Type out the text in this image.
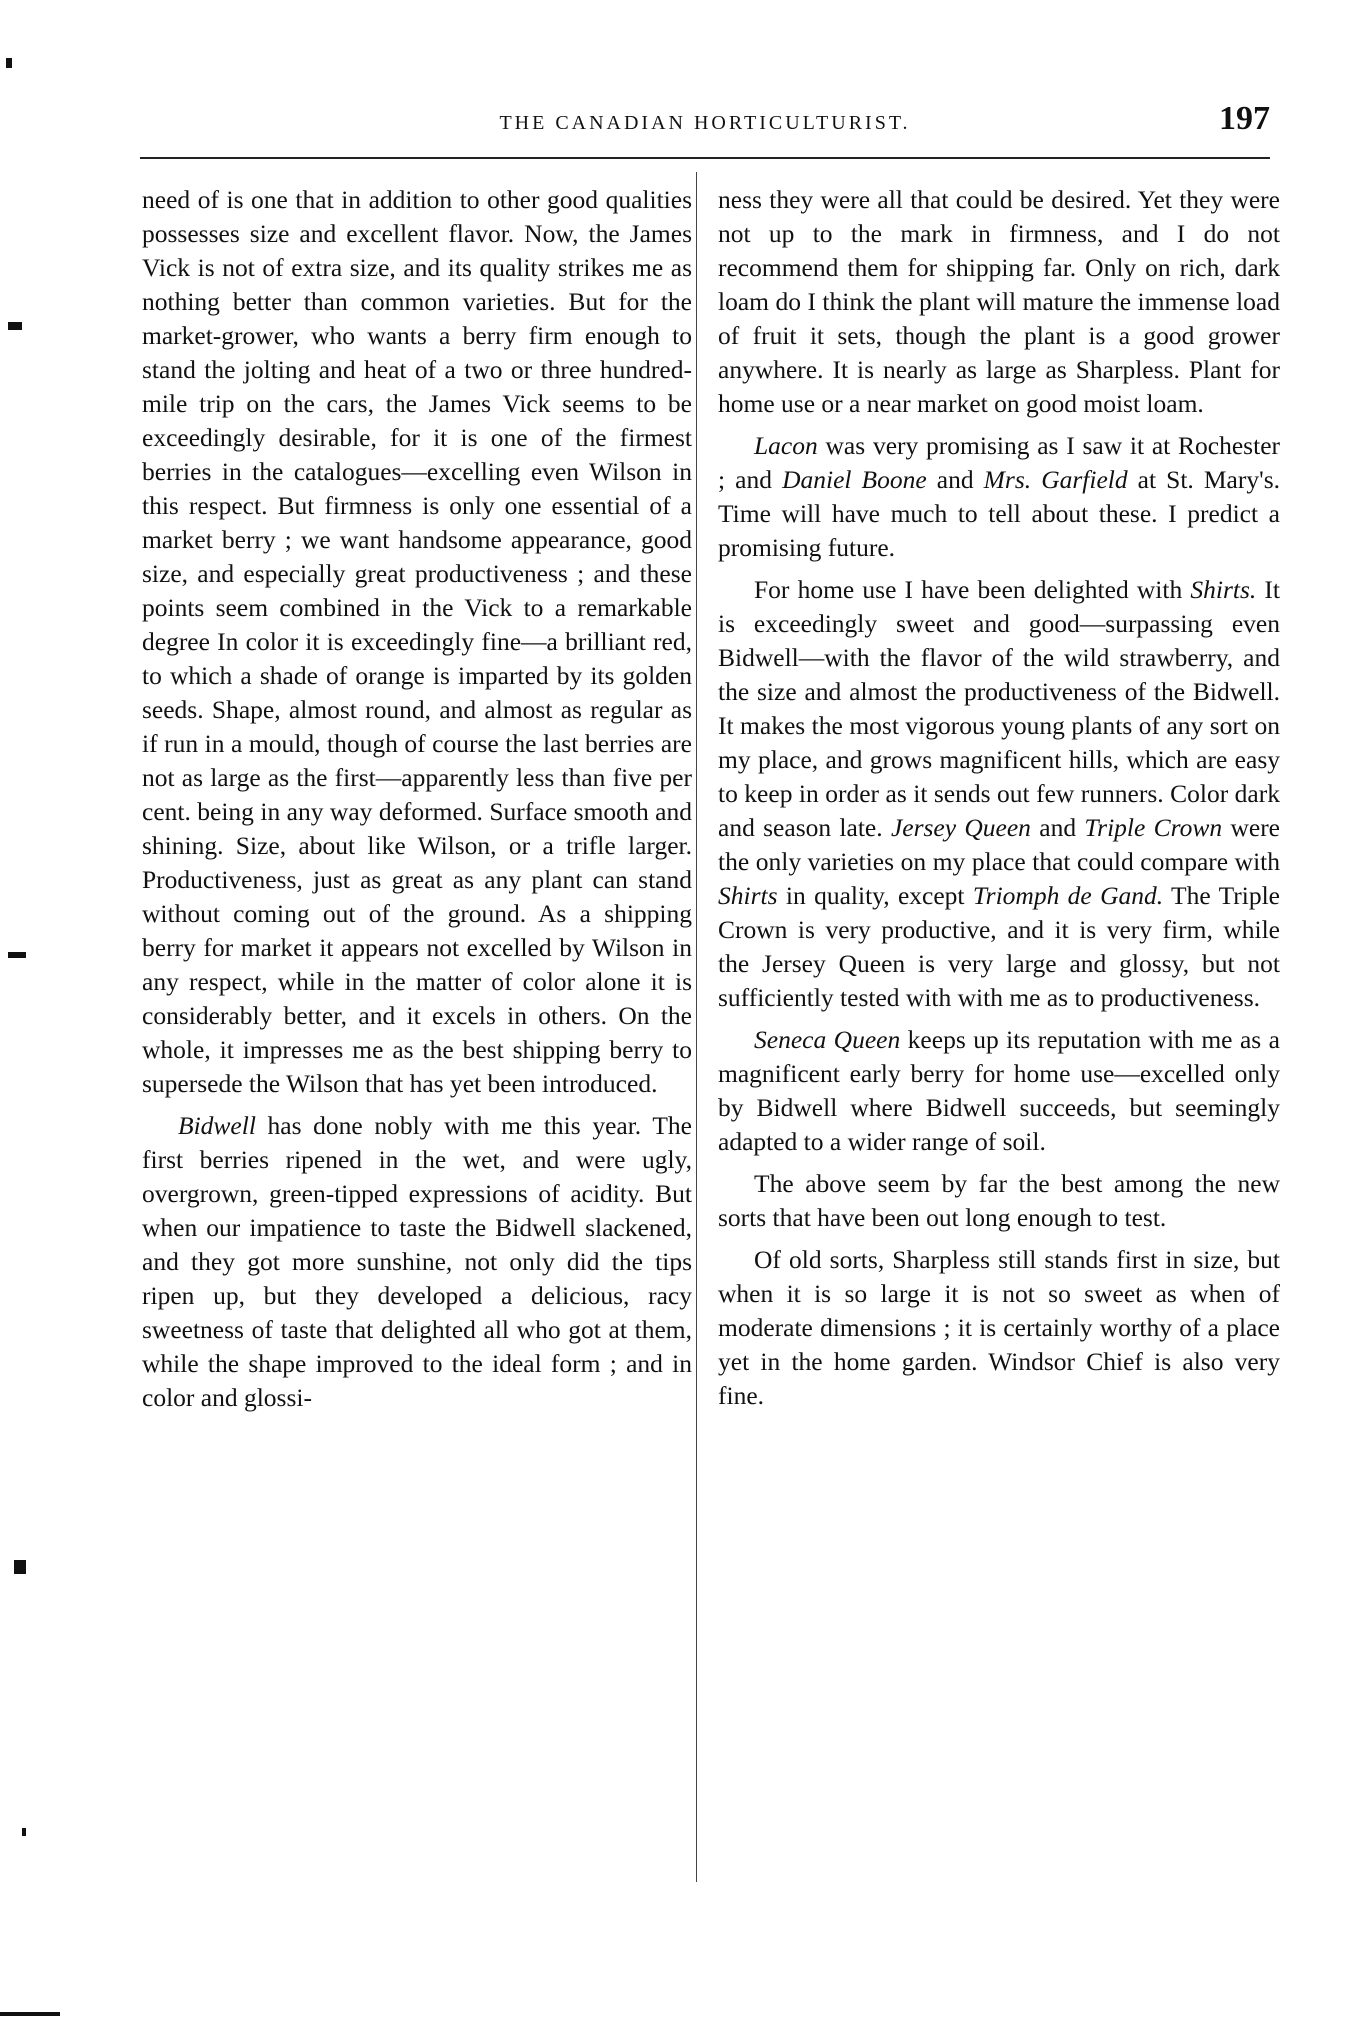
THE CANADIAN HORTICULTURIST.	197

need of is one that in addition to other good qualities possesses size and excellent flavor. Now, the James Vick is not of extra size, and its quality strikes me as nothing better than common varieties. But for the market-grower, who wants a berry firm enough to stand the jolting and heat of a two or three hundred-mile trip on the cars, the James Vick seems to be exceedingly desirable, for it is one of the firmest berries in the catalogues—excelling even Wilson in this respect. But firmness is only one essential of a market berry ; we want handsome appearance, good size, and especially great productiveness ; and these points seem combined in the Vick to a remarkable degree In color it is exceedingly fine—a brilliant red, to which a shade of orange is imparted by its golden seeds. Shape, almost round, and almost as regular as if run in a mould, though of course the last berries are not as large as the first—apparently less than five per cent. being in any way deformed. Surface smooth and shining. Size, about like Wilson, or a trifle larger. Productiveness, just as great as any plant can stand without coming out of the ground. As a shipping berry for market it appears not excelled by Wilson in any respect, while in the matter of color alone it is considerably better, and it excels in others. On the whole, it impresses me as the best shipping berry to supersede the Wilson that has yet been introduced.

Bidwell has done nobly with me this year. The first berries ripened in the wet, and were ugly, overgrown, green-tipped expressions of acidity. But when our impatience to taste the Bidwell slackened, and they got more sunshine, not only did the tips ripen up, but they developed a delicious, racy sweetness of taste that delighted all who got at them, while the shape improved to the ideal form ; and in color and glossi-

ness they were all that could be desired. Yet they were not up to the mark in firmness, and I do not recommend them for shipping far. Only on rich, dark loam do I think the plant will mature the immense load of fruit it sets, though the plant is a good grower anywhere. It is nearly as large as Sharpless. Plant for home use or a near market on good moist loam.

Lacon was very promising as I saw it at Rochester ; and Daniel Boone and Mrs. Garfield at St. Mary's. Time will have much to tell about these. I predict a promising future.

For home use I have been delighted with Shirts. It is exceedingly sweet and good—surpassing even Bidwell—with the flavor of the wild strawberry, and the size and almost the productiveness of the Bidwell. It makes the most vigorous young plants of any sort on my place, and grows magnificent hills, which are easy to keep in order as it sends out few runners. Color dark and season late. Jersey Queen and Triple Crown were the only varieties on my place that could compare with Shirts in quality, except Triomph de Gand. The Triple Crown is very productive, and it is very firm, while the Jersey Queen is very large and glossy, but not sufficiently tested with with me as to productiveness.

Seneca Queen keeps up its reputation with me as a magnificent early berry for home use—excelled only by Bidwell where Bidwell succeeds, but seemingly adapted to a wider range of soil.

The above seem by far the best among the new sorts that have been out long enough to test.

Of old sorts, Sharpless still stands first in size, but when it is so large it is not so sweet as when of moderate dimensions ; it is certainly worthy of a place yet in the home garden. Windsor Chief is also very fine.
